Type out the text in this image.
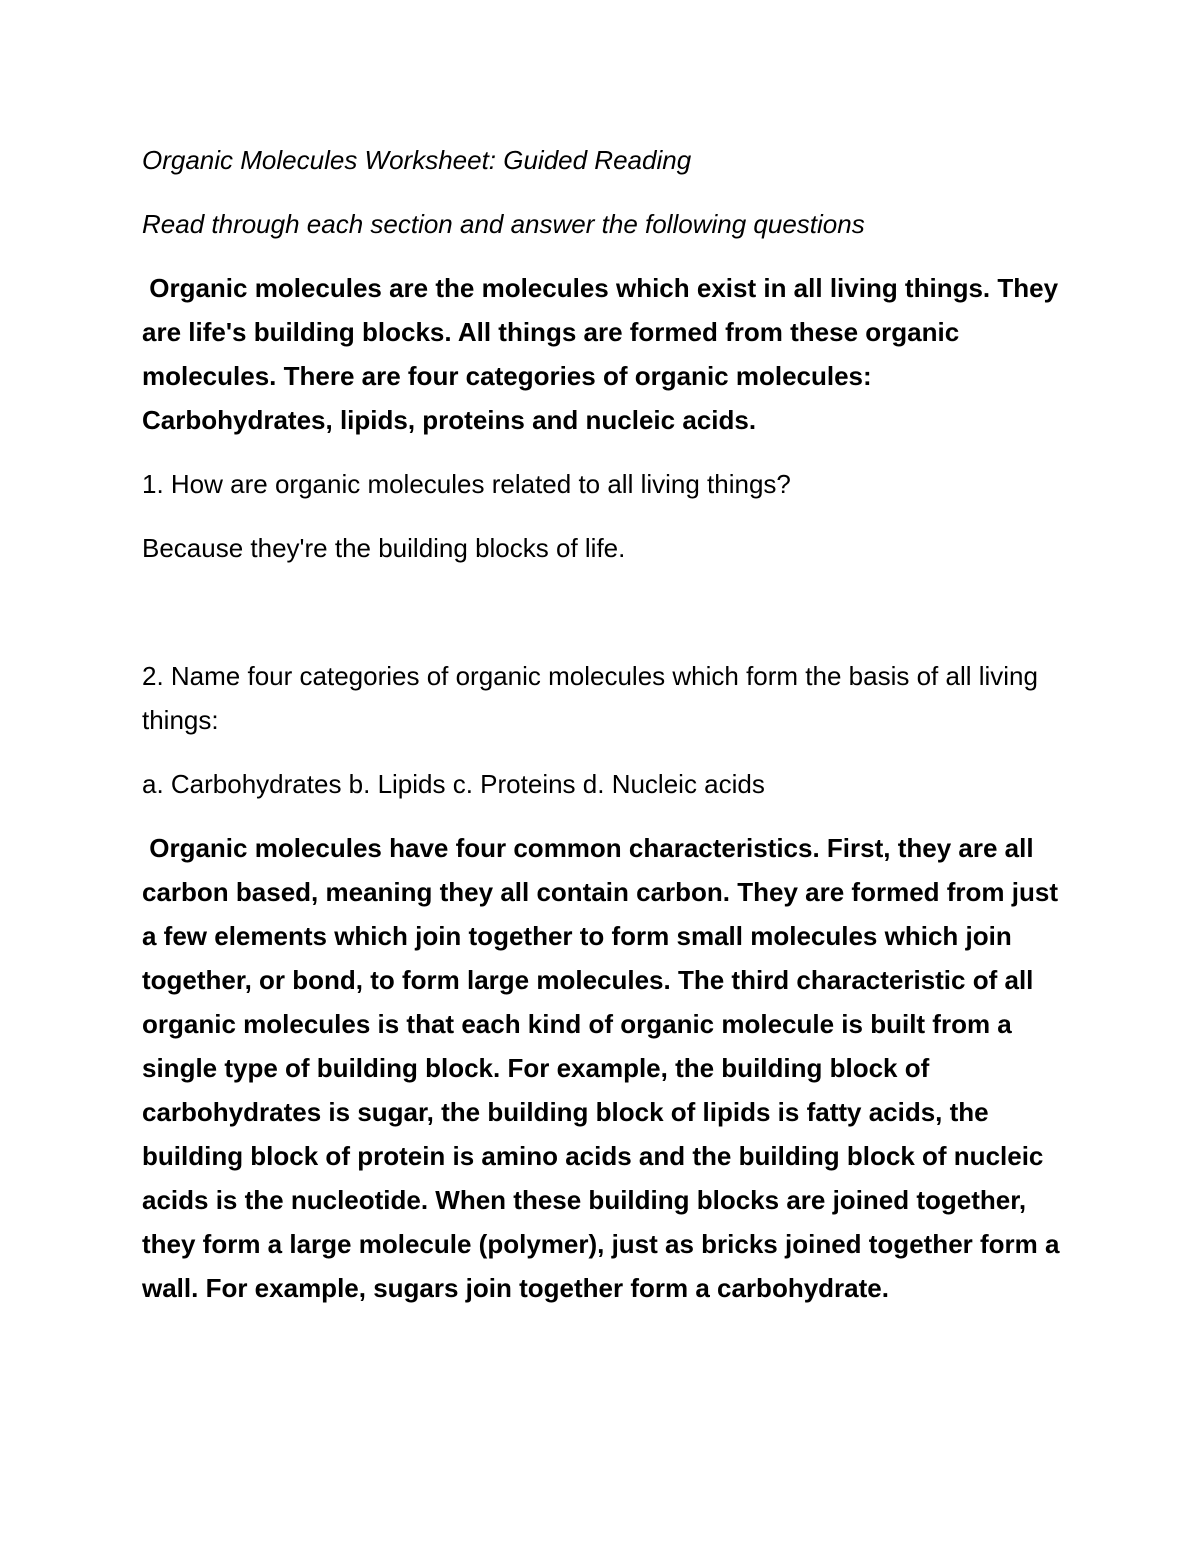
Organic Molecules Worksheet: Guided Reading

Read through each section and answer the following questions

Organic molecules are the molecules which exist in all living things. They are life's building blocks. All things are formed from these organic molecules. There are four categories of organic molecules: Carbohydrates, lipids, proteins and nucleic acids.

1. How are organic molecules related to all living things?

Because they're the building blocks of life.

2. Name four categories of organic molecules which form the basis of all living things:

a. Carbohydrates b. Lipids c. Proteins d. Nucleic acids

Organic molecules have four common characteristics. First, they are all carbon based, meaning they all contain carbon. They are formed from just a few elements which join together to form small molecules which join together, or bond, to form large molecules. The third characteristic of all organic molecules is that each kind of organic molecule is built from a single type of building block. For example, the building block of carbohydrates is sugar, the building block of lipids is fatty acids, the building block of protein is amino acids and the building block of nucleic acids is the nucleotide. When these building blocks are joined together, they form a large molecule (polymer), just as bricks joined together form a wall. For example, sugars join together form a carbohydrate.
